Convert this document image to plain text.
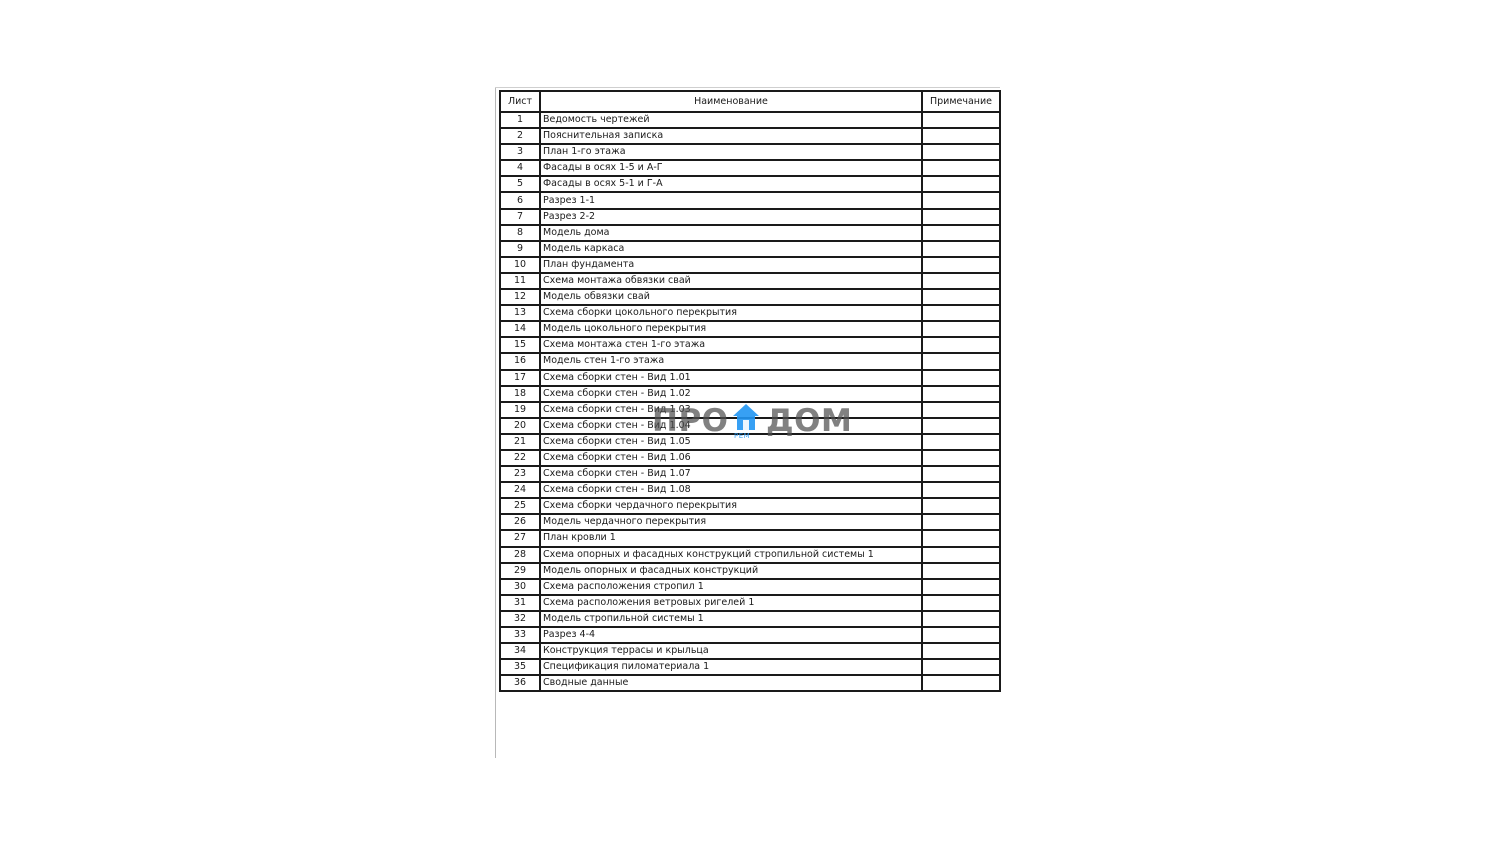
Лист	Наименование	Примечание
1	Ведомость чертежей	
2	Пояснительная записка	
3	План 1-го этажа	
4	Фасады в осях 1-5 и А-Г	
5	Фасады в осях 5-1 и Г-А	
6	Разрез 1-1	
7	Разрез 2-2	
8	Модель дома	
9	Модель каркаса	
10	План фундамента	
11	Схема монтажа обвязки свай	
12	Модель обвязки свай	
13	Схема сборки цокольного перекрытия	
14	Модель цокольного перекрытия	
15	Схема монтажа стен 1-го этажа	
16	Модель стен 1-го этажа	
17	Схема сборки стен - Вид 1.01	
18	Схема сборки стен - Вид 1.02	
19	Схема сборки стен - Вид 1.03	
20	Схема сборки стен - Вид 1.04	
21	Схема сборки стен - Вид 1.05	
22	Схема сборки стен - Вид 1.06	
23	Схема сборки стен - Вид 1.07	
24	Схема сборки стен - Вид 1.08	
25	Схема сборки чердачного перекрытия	
26	Модель чердачного перекрытия	
27	План кровли 1	
28	Схема опорных и фасадных конструкций стропильной системы 1	
29	Модель опорных и фасадных конструкций	
30	Схема расположения стропил 1	
31	Схема расположения ветровых ригелей 1	
32	Модель стропильной системы 1	
33	Разрез 4-4	
34	Конструкция террасы и крыльца	
35	Спецификация пиломатериала 1	
36	Сводные данные	
ПРО ДОМ
РЕМ
